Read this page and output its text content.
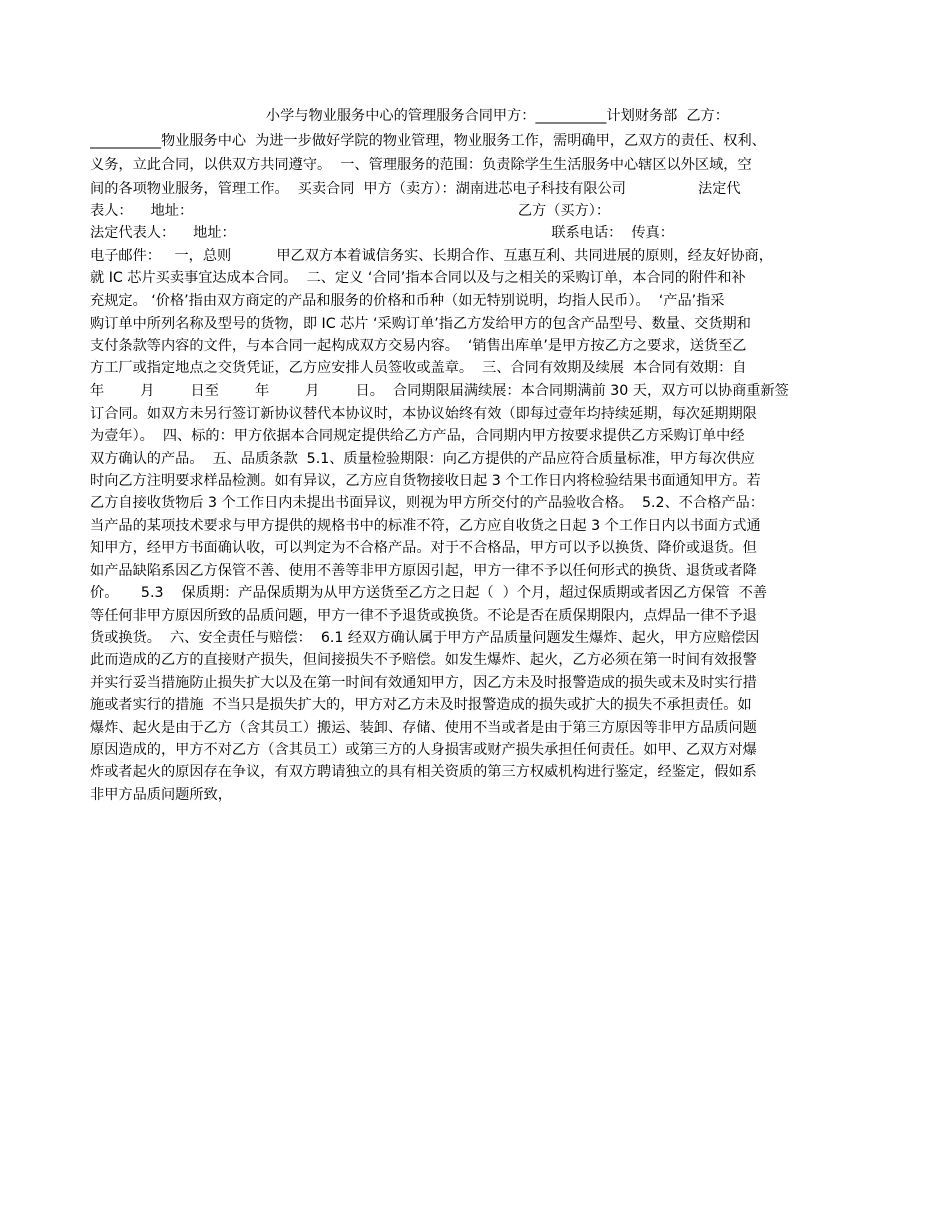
小学与物业服务中心的管理服务合同甲方：__________计划财务部  乙方：
__________物业服务中心  为进一步做好学院的物业管理，物业服务工作，需明确甲，乙双方的责任、权利、
义务，立此合同，以供双方共同遵守。  一、管理服务的范围：负责除学生生活服务中心辖区以外区域，空
间的各项物业服务，管理工作。  买卖合同  甲方（卖方）：湖南进芯电子科技有限公司                法定代
表人：    地址：                                                                        乙方（买方）：
法定代表人：    地址：                                                                      联系电话：  传真：
电子邮件：   一，总则          甲乙双方本着诚信务实、长期合作、互惠互利、共同进展的原则，经友好协商，
就 IC 芯片买卖事宜达成本合同。  二、定义 ‘合同’指本合同以及与之相关的采购订单，本合同的附件和补
充规定。 ‘价格’指由双方商定的产品和服务的价格和币种（如无特别说明，均指人民币）。  ‘产品’指采
购订单中所列名称及型号的货物，即 IC 芯片 ‘采购订单’指乙方发给甲方的包含产品型号、数量、交货期和
支付条款等内容的文件，与本合同一起构成双方交易内容。  ‘销售出库单’是甲方按乙方之要求，送货至乙
方工厂或指定地点之交货凭证，乙方应安排人员签收或盖章。  三、合同有效期及续展  本合同有效期：自
年        月        日至        年        月        日。  合同期限届满续展：本合同期满前 30 天，双方可以协商重新签
订合同。如双方未另行签订新协议替代本协议时，本协议始终有效（即每过壹年均持续延期，每次延期期限
为壹年）。  四、标的：甲方依据本合同规定提供给乙方产品，合同期内甲方按要求提供乙方采购订单中经
双方确认的产品。  五、品质条款  5.1、质量检验期限：向乙方提供的产品应符合质量标准，甲方每次供应
时向乙方注明要求样品检测。如有异议，乙方应自货物接收日起 3 个工作日内将检验结果书面通知甲方。若
乙方自接收货物后 3 个工作日内未提出书面异议，则视为甲方所交付的产品验收合格。  5.2、不合格产品：
当产品的某项技术要求与甲方提供的规格书中的标准不符，乙方应自收货之日起 3 个工作日内以书面方式通
知甲方，经甲方书面确认收，可以判定为不合格产品。对于不合格品，甲方可以予以换货、降价或退货。但
如产品缺陷系因乙方保管不善、使用不善等非甲方原因引起，甲方一律不予以任何形式的换货、退货或者降
价。     5.3    保质期：产品保质期为从甲方送货至乙方之日起（  ）个月，超过保质期或者因乙方保管  不善
等任何非甲方原因所致的品质问题，甲方一律不予退货或换货。不论是否在质保期限内，点焊品一律不予退
货或换货。  六、安全责任与赔偿：  6.1 经双方确认属于甲方产品质量问题发生爆炸、起火，甲方应赔偿因
此而造成的乙方的直接财产损失，但间接损失不予赔偿。如发生爆炸、起火，乙方必须在第一时间有效报警
并实行妥当措施防止损失扩大以及在第一时间有效通知甲方，因乙方未及时报警造成的损失或未及时实行措
施或者实行的措施  不当只是损失扩大的，甲方对乙方未及时报警造成的损失或扩大的损失不承担责任。如
爆炸、起火是由于乙方（含其员工）搬运、装卸、存储、使用不当或者是由于第三方原因等非甲方品质问题
原因造成的，甲方不对乙方（含其员工）或第三方的人身损害或财产损失承担任何责任。如甲、乙双方对爆
炸或者起火的原因存在争议，有双方聘请独立的具有相关资质的第三方权威机构进行鉴定，经鉴定，假如系
非甲方品质问题所致，
